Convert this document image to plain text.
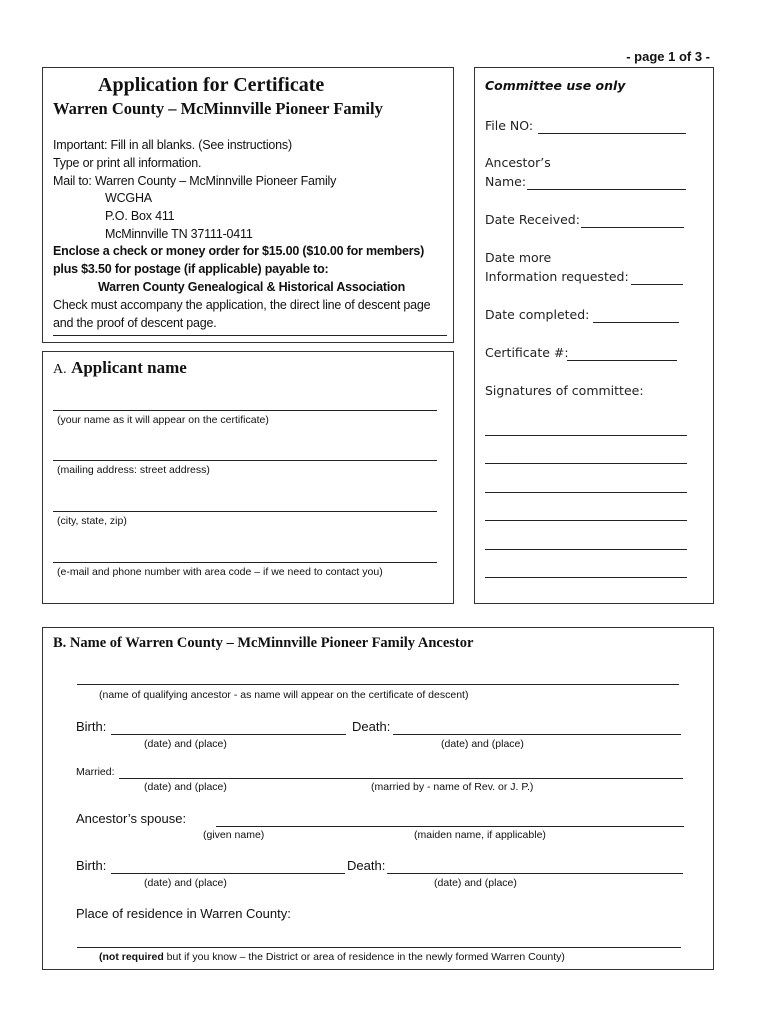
- page 1 of 3 -
Application for Certificate
Warren County – McMinnville Pioneer Family
Important: Fill in all blanks. (See instructions)
Type or print all information.
Mail to: Warren County – McMinnville Pioneer Family
WCGHA
P.O. Box 411
McMinnville TN 37111-0411
Enclose a check or money order for $15.00 ($10.00 for members)
plus $3.50 for postage (if applicable) payable to:
Warren County Genealogical & Historical Association
Check must accompany the application, the direct line of descent page
and the proof of descent page.
A. Applicant name
(your name as it will appear on the certificate)
(mailing address: street address)
(city, state, zip)
(e-mail and phone number with area code – if we need to contact you)
Committee use only
File NO:
Ancestor’s
Name:
Date Received:
Date more
Information requested:
Date completed:
Certificate #:
Signatures of committee:
B. Name of Warren County – McMinnville Pioneer Family Ancestor
(name of qualifying ancestor - as name will appear on the certificate of descent)
Birth:	Death:
(date) and (place)	(date) and (place)
Married:
(date) and (place)	(married by - name of Rev. or J. P.)
Ancestor’s spouse:
(given name)	(maiden name, if applicable)
Birth:	Death:
(date) and (place)	(date) and (place)
Place of residence in Warren County:
(not required but if you know – the District or area of residence in the newly formed Warren County)
